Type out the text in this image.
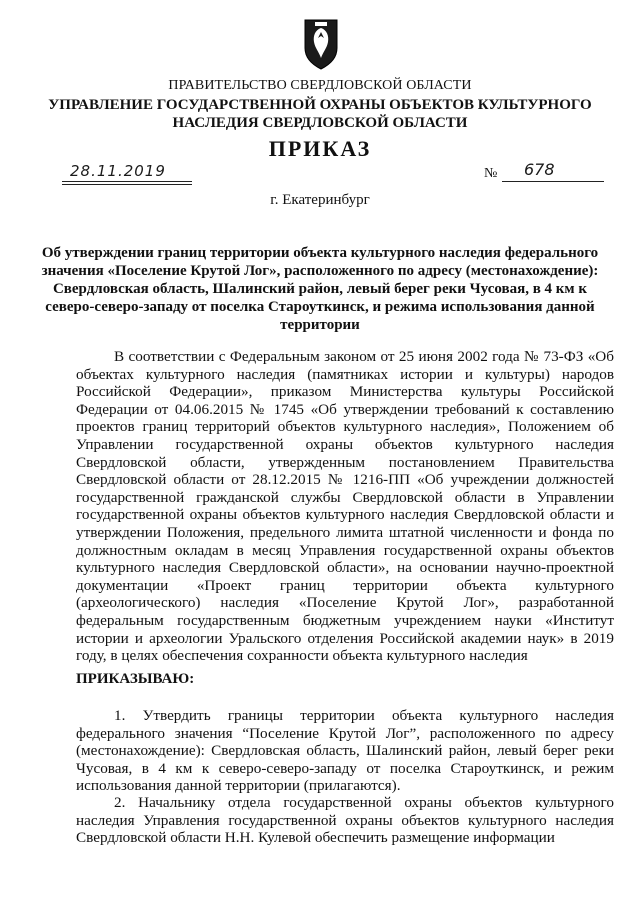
ПРАВИТЕЛЬСТВО СВЕРДЛОВСКОЙ ОБЛАСТИ
УПРАВЛЕНИЕ ГОСУДАРСТВЕННОЙ ОХРАНЫ ОБЪЕКТОВ КУЛЬТУРНОГО НАСЛЕДИЯ СВЕРДЛОВСКОЙ ОБЛАСТИ
ПРИКАЗ
28.11.2019	№ 678
г. Екатеринбург
Об утверждении границ территории объекта культурного наследия федерального значения «Поселение Крутой Лог», расположенного по адресу (местонахождение): Свердловская область, Шалинский район, левый берег реки Чусовая, в 4 км к северо-северо-западу от поселка Староуткинск, и режима использования данной территории
В соответствии с Федеральным законом от 25 июня 2002 года № 73-ФЗ «Об объектах культурного наследия (памятниках истории и культуры) народов Российской Федерации», приказом Министерства культуры Российской Федерации от 04.06.2015 № 1745 «Об утверждении требований к составлению проектов границ территорий объектов культурного наследия», Положением об Управлении государственной охраны объектов культурного наследия Свердловской области, утвержденным постановлением Правительства Свердловской области от 28.12.2015 № 1216-ПП «Об учреждении должностей государственной гражданской службы Свердловской области в Управлении государственной охраны объектов культурного наследия Свердловской области и утверждении Положения, предельного лимита штатной численности и фонда по должностным окладам в месяц Управления государственной охраны объектов культурного наследия Свердловской области», на основании научно-проектной документации «Проект границ территории объекта культурного (археологического) наследия «Поселение Крутой Лог», разработанной федеральным государственным бюджетным учреждением науки «Институт истории и археологии Уральского отделения Российской академии наук» в 2019 году, в целях обеспечения сохранности объекта культурного наследия
ПРИКАЗЫВАЮ:
1. Утвердить границы территории объекта культурного наследия федерального значения “Поселение Крутой Лог”, расположенного по адресу (местонахождение): Свердловская область, Шалинский район, левый берег реки Чусовая, в 4 км к северо-северо-западу от поселка Староуткинск, и режим использования данной территории (прилагаются).
2. Начальнику отдела государственной охраны объектов культурного наследия Управления государственной охраны объектов культурного наследия Свердловской области Н.Н. Кулевой обеспечить размещение информации
